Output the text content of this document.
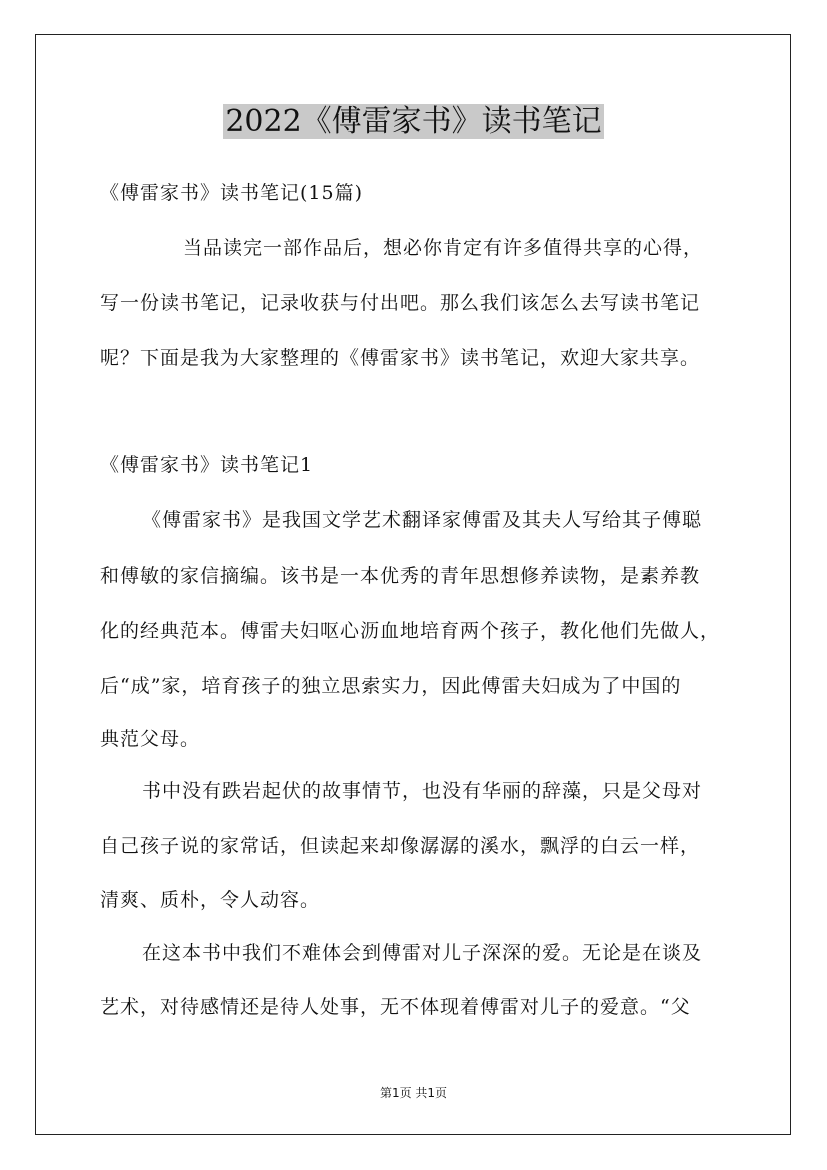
2022《傅雷家书》读书笔记
《傅雷家书》读书笔记(15篇)
当品读完一部作品后，想必你肯定有许多值得共享的心得，
写一份读书笔记，记录收获与付出吧。那么我们该怎么去写读书笔记
呢？下面是我为大家整理的《傅雷家书》读书笔记，欢迎大家共享。
《傅雷家书》读书笔记1
《傅雷家书》是我国文学艺术翻译家傅雷及其夫人写给其子傅聪
和傅敏的家信摘编。该书是一本优秀的青年思想修养读物，是素养教
化的经典范本。傅雷夫妇呕心沥血地培育两个孩子，教化他们先做人，
后“成”家，培育孩子的独立思索实力，因此傅雷夫妇成为了中国的
典范父母。
书中没有跌岩起伏的故事情节，也没有华丽的辞藻，只是父母对
自己孩子说的家常话，但读起来却像潺潺的溪水，飘浮的白云一样，
清爽、质朴，令人动容。
在这本书中我们不难体会到傅雷对儿子深深的爱。无论是在谈及
艺术，对待感情还是待人处事，无不体现着傅雷对儿子的爱意。“父
第1页 共1页
